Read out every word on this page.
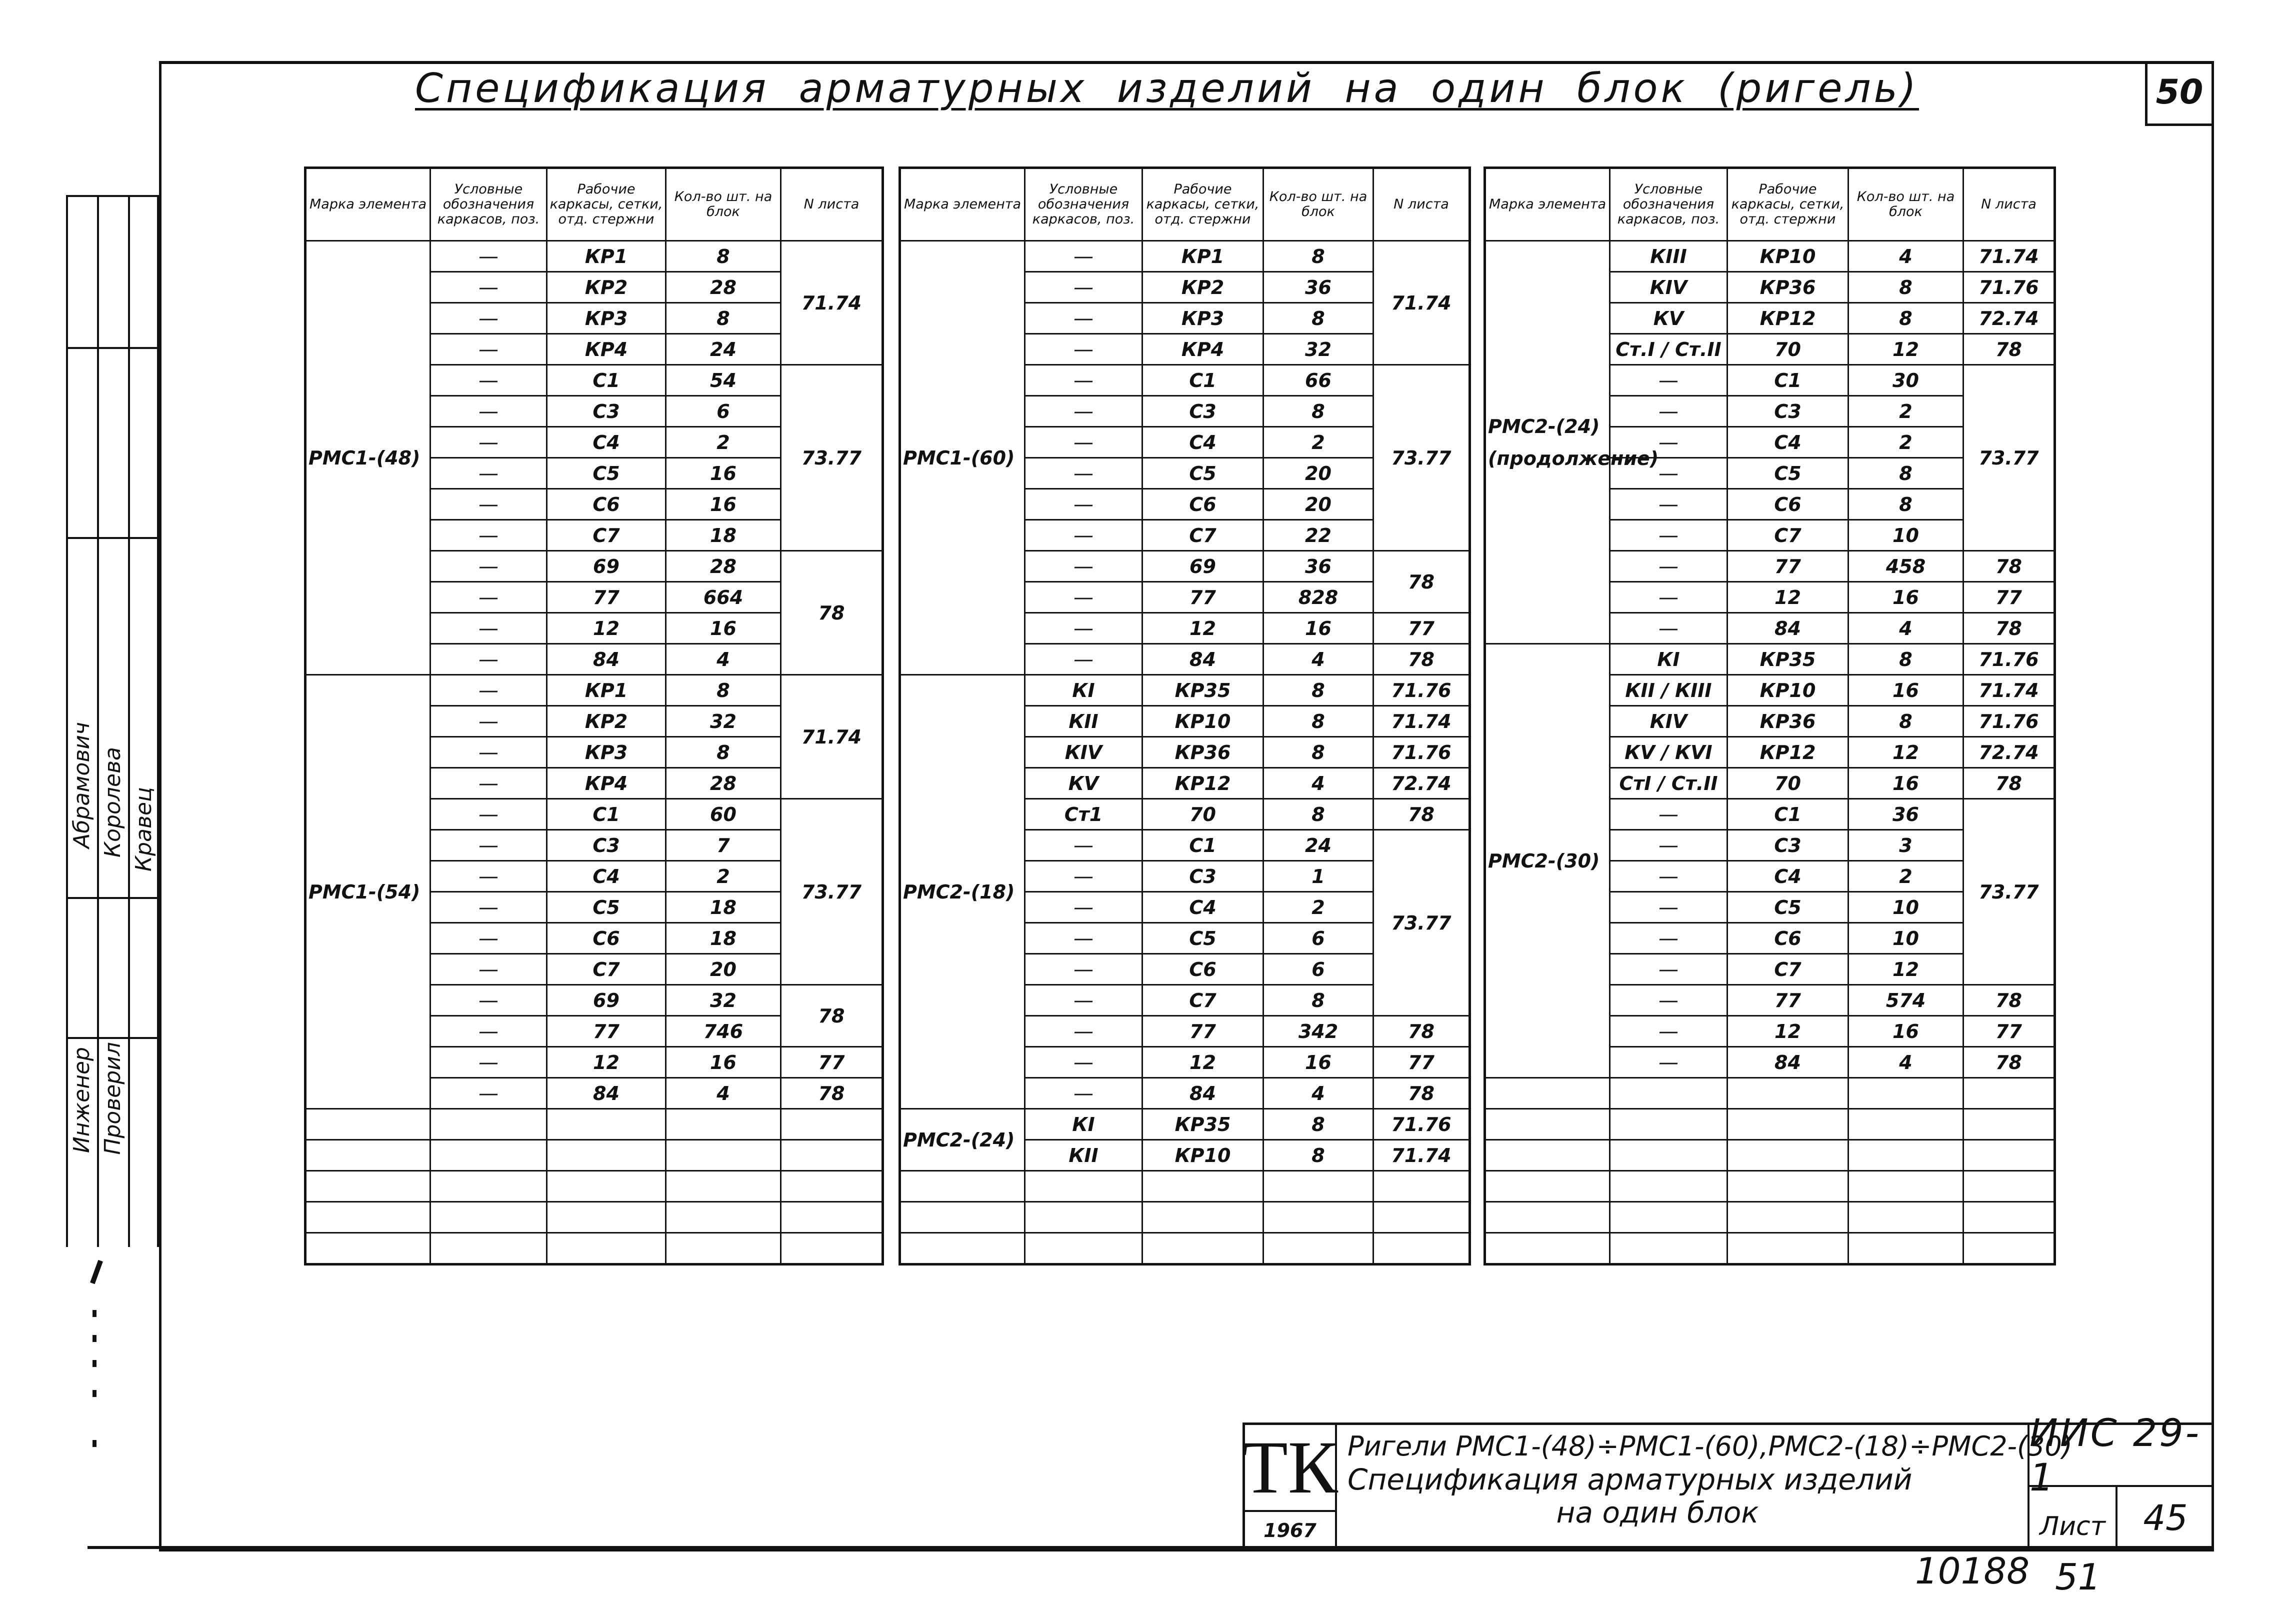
50
Спецификация арматурных изделий на один блок (ригель)
Инженер Проверил
Абрамович Королева Кравец
Марка элемента	Условные обозначения каркасов, поз.	Рабочие каркасы, сетки, отд. стержни	Кол-во шт. на блок	N листа
РМС1-(48)	—	КР1	8	71.74
	—	КР2	28	
	—	КР3	8	
	—	КР4	24	
	—	С1	54	73.77
	—	С3	6	
	—	С4	2	
	—	С5	16	
	—	С6	16	
	—	С7	18	
	—	69	28	78
	—	77	664	
	—	12	16	
	—	84	4	
РМС1-(54)	—	КР1	8	71.74
	—	КР2	32	
	—	КР3	8	
	—	КР4	28	
	—	С1	60	73.77
	—	С3	7	
	—	С4	2	
	—	С5	18	
	—	С6	18	
	—	С7	20	
	—	69	32	78
	—	77	746	
	—	12	16	77
	—	84	4	78

Марка элемента	Условные обозначения каркасов, поз.	Рабочие каркасы, сетки, отд. стержни	Кол-во шт. на блок	N листа
РМС1-(60)	—	КР1	8	71.74
	—	КР2	36	
	—	КР3	8	
	—	КР4	32	
	—	С1	66	73.77
	—	С3	8	
	—	С4	2	
	—	С5	20	
	—	С6	20	
	—	С7	22	
	—	69	36	78
	—	77	828	
	—	12	16	77
	—	84	4	78
РМС2-(18)	КI	КР35	8	71.76
	КII	КР10	8	71.74
	КIV	КР36	8	71.76
	КV	КР12	4	72.74
	Ст1	70	8	78
	—	С1	24	73.77
	—	С3	1	
	—	С4	2	
	—	С5	6	
	—	С6	6	
	—	С7	8	
	—	77	342	78
	—	12	16	77
	—	84	4	78
РМС2-(24)	КI	КР35	8	71.76
	КII	КР10	8	71.74

Марка элемента	Условные обозначения каркасов, поз.	Рабочие каркасы, сетки, отд. стержни	Кол-во шт. на блок	N листа
РМС2-(24) (продолжение)	КIII	КР10	4	71.74
	КIV	КР36	8	71.76
	КV	КР12	8	72.74
	Ст.I / Ст.II	70	12	78
	—	С1	30	73.77
	—	С3	2	
	—	С4	2	
	—	С5	8	
	—	С6	8	
	—	С7	10	
	—	77	458	78
	—	12	16	77
	—	84	4	78
РМС2-(30)	КI	КР35	8	71.76
	КII / КIII	КР10	16	71.74
	КIV	КР36	8	71.76
	КV / КVI	КР12	12	72.74
	СтI / Ст.II	70	16	78
	—	С1	36	73.77
	—	С3	3	
	—	С4	2	
	—	С5	10	
	—	С6	10	
	—	С7	12	
	—	77	574	78
	—	12	16	77
	—	84	4	78

ТК
1967
Ригели РМС1-(48)÷РМС1-(60),РМС2-(18)÷РМС2-(30)
Спецификация арматурных изделий
на один блок
ИИС 29-1
Лист	45
10188 51
